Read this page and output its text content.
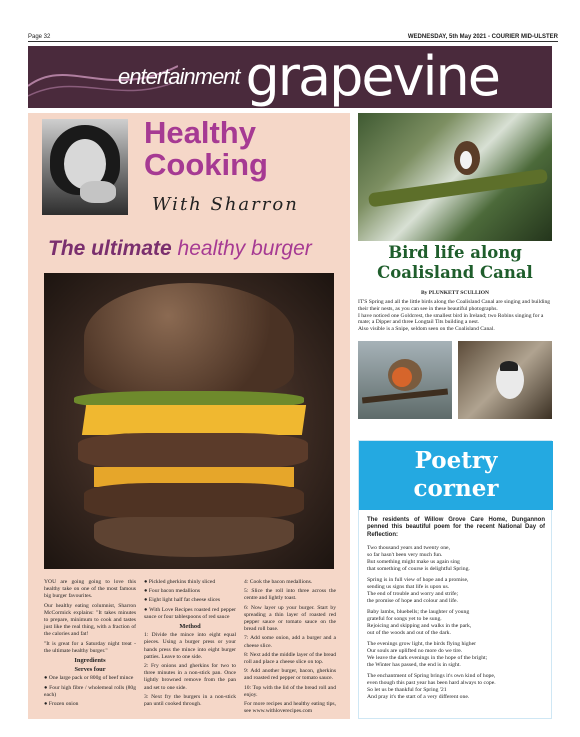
Page 32	WEDNESDAY, 5th May 2021 - COURIER MID-ULSTER
entertainment grapevine
Healthy
Cooking
With Sharron
The ultimate healthy burger

YOU are going going to love this healthy take on one of the most famous big burger favourites.

Our healthy eating columnist, Sharron McCormick explains: "It takes minutes to prepare, minimum to cook and tastes just like the real thing, with a fraction of the calories and fat!

"It is great for a Saturday night treat - the ultimate healthy burger."

Ingredients
Serves four

● One large pack or 800g of beef mince

● Four high fibre / wholemeal rolls (80g each)

● Frozen onion

● Pickled gherkins thinly sliced

● Four bacon medallions

● Eight light half fat cheese slices

● With Love Recipes roasted red pepper sauce or four tablespoons of red sauce

Method

1: Divide the mince into eight equal pieces. Using a burger press or your hands press the mince into eight burger patties. Leave to one side.

2: Fry onions and gherkins for two to three minutes in a non-stick pan. Once lightly browned remove from the pan and set to one side.

3: Next fry the burgers in a non-stick pan until cooked through.

4: Cook the bacon medallions.

5: Slice the roll into three across the centre and lightly toast.

6: Now layer up your burger. Start by spreading a thin layer of roasted red pepper sauce or tomato sauce on the bread roll base.

7: Add some onion, add a burger and a cheese slice.

8: Next add the middle layer of the bread roll and place a cheese slice on top.

9: Add another burger, bacon, gherkins and roasted red pepper or tomato sauce.

10: Top with the lid of the bread roll and enjoy.

For more recipes and healthy eating tips, see www.withloverecipes.com

Bird life along Coalisland Canal
By PLUNKETT SCULLION

IT'S Spring and all the little birds along the Coalisland Canal are singing and building their their nests, as you can see in these beautiful photographs.

I have noticed one Goldcrest, the smallest bird in Ireland; two Robins singing for a mate; a Dipper and three Longtail Tits building a nest.

Also visible is a Snipe, seldom seen on the Coalisland Canal.

Poetry
corner
The residents of Willow Grove Care Home, Dungannon penned this beautiful poem for the recent National Day of Reflection:

Two thousand years and twenty one,
so far hasn't been very much fun.
But something might make us again sing
that something of course is delightful Spring.

Spring is in full view of hope and a promise,
sending us signs that life is upon us.
The end of trouble and worry and strife;
the promise of hope and colour and life.

Baby lambs, bluebells; the laughter of young
grateful for songs yet to be sung.
Rejoicing and skipping and walks in the park,
out of the woods and out of the dark.

The evenings grow light, the birds flying higher
Our souls are uplifted no more do we tire.
We leave the dark evenings in the hope of the bright;
the Winter has passed, the end is in sight.

The enchantment of Spring brings it's own kind of hope,
even though this past year has been hard always to cope.
So let us be thankful for Spring '21
And pray it's the start of a very different one.
